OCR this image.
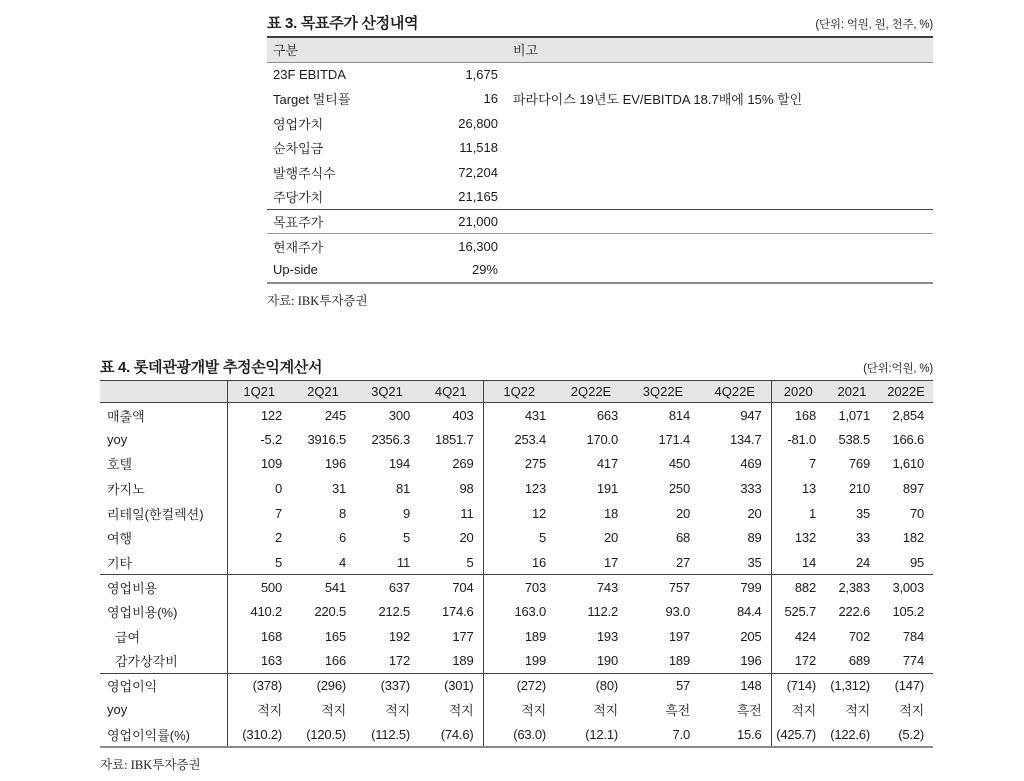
표 3. 목표주가 산정내역	(단위: 억원, 원, 천주, %)
구분		비고
23F EBITDA	1,675	
Target 멀티플	16	파라다이스 19년도 EV/EBITDA 18.7배에 15% 할인
영업가치	26,800	
순차입금	11,518	
발행주식수	72,204	
주당가치	21,165	
목표주가	21,000	
현재주가	16,300	
Up-side	29%	
자료: IBK투자증권
표 4. 롯데관광개발 추정손익계산서	(단위:억원, %)
	1Q21	2Q21	3Q21	4Q21	1Q22	2Q22E	3Q22E	4Q22E	2020	2021	2022E
매출액	122	245	300	403	431	663	814	947	168	1,071	2,854
yoy	-5.2	3916.5	2356.3	1851.7	253.4	170.0	171.4	134.7	-81.0	538.5	166.6
호텔	109	196	194	269	275	417	450	469	7	769	1,610
카지노	0	31	81	98	123	191	250	333	13	210	897
리테일(한컬렉션)	7	8	9	11	12	18	20	20	1	35	70
여행	2	6	5	20	5	20	68	89	132	33	182
기타	5	4	11	5	16	17	27	35	14	24	95
영업비용	500	541	637	704	703	743	757	799	882	2,383	3,003
영업비용(%)	410.2	220.5	212.5	174.6	163.0	112.2	93.0	84.4	525.7	222.6	105.2
급여	168	165	192	177	189	193	197	205	424	702	784
감가상각비	163	166	172	189	199	190	189	196	172	689	774
영업이익	(378)	(296)	(337)	(301)	(272)	(80)	57	148	(714)	(1,312)	(147)
yoy	적지	적지	적지	적지	적지	적지	흑전	흑전	적지	적지	적지
영업이익률(%)	(310.2)	(120.5)	(112.5)	(74.6)	(63.0)	(12.1)	7.0	15.6	(425.7)	(122.6)	(5.2)
자료: IBK투자증권
